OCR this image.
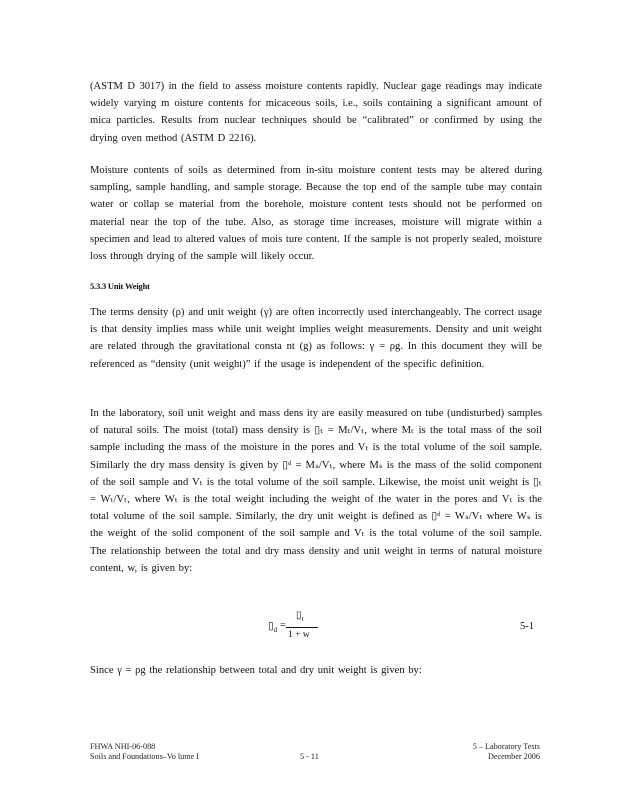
(ASTM D 3017) in the field to assess moisture contents rapidly. Nuclear gage readings may indicate widely varying m oisture contents for micaceous soils, i.e., soils containing a significant amount of mica particles. Results from nuclear techniques should be “calibrated” or confirmed by using the drying oven method (ASTM D 2216).

Moisture contents of soils as determined from in-situ moisture content tests may be altered during sampling, sample handling, and sample storage. Because the top end of the sample tube may contain water or collap se material from the borehole, moisture content tests should not be performed on material near the top of the tube. Also, as storage time increases, moisture will migrate within a specimen and lead to altered values of mois ture content. If the sample is not properly sealed, moisture loss through drying of the sample will likely occur.

5.3.3 Unit Weight

The terms density (ρ) and unit weight (γ) are often incorrectly used interchangeably. The correct usage is that density implies mass while unit weight implies weight measurements. Density and unit weight are related through the gravitational consta nt (g) as follows: γ = ρg. In this document they will be referenced as “density (unit weight)” if the usage is independent of the specific definition.

In the laboratory, soil unit weight and mass dens ity are easily measured on tube (undisturbed) samples of natural soils. The moist (total) mass density is ▯ₜ = Mₜ/Vₜ, where Mₜ is the total mass of the soil sample including the mass of the moisture in the pores and Vₜ is the total volume of the soil sample. Similarly the dry mass density is given by ▯ᵈ = Mₛ/Vₜ, where Mₛ is the mass of the solid component of the soil sample and Vₜ is the total volume of the soil sample. Likewise, the moist unit weight is ▯ₜ = Wₜ/Vₜ, where Wₜ is the total weight including the weight of the water in the pores and Vₜ is the total volume of the soil sample. Similarly, the dry unit weight is defined as ▯ᵈ = Wₛ/Vₜ where Wₛ is the weight of the solid component of the soil sample and Vₜ is the total volume of the soil sample. The relationship between the total and dry mass density and unit weight in terms of natural moisture content, w, is given by:

$▯_d$ =
$▯_t$
1 + w
5-1

Since γ = ρg the relationship between total and dry unit weight is given by:

FHWA NHI-06-088
Soils and Foundations–Vo lume I	5 - 11
5 – Laboratory Tests
December 2006
